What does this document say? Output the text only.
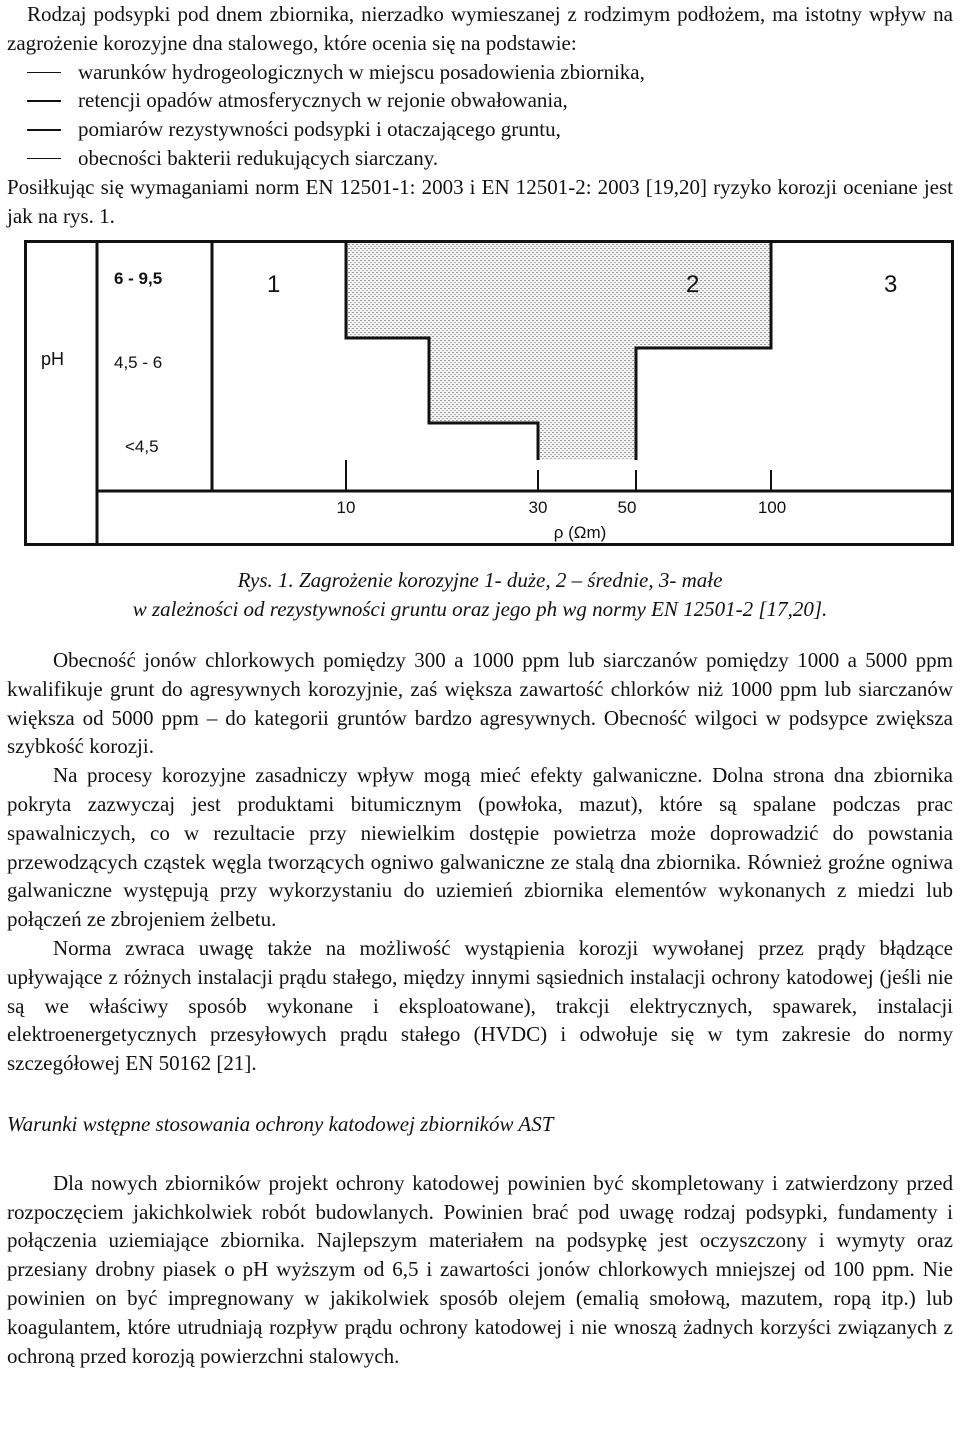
Rodzaj podsypki pod dnem zbiornika, nierzadko wymieszanej z rodzimym podłożem, ma istotny wpływ na zagrożenie korozyjne dna stalowego, które ocenia się na podstawie:

warunków hydrogeologicznych w miejscu posadowienia zbiornika,
retencji opadów atmosferycznych w rejonie obwałowania,
pomiarów rezystywności podsypki i otaczającego gruntu,
obecności bakterii redukujących siarczany.

Posiłkując się wymaganiami norm EN 12501-1: 2003 i EN 12501-2: 2003 [19,20] ryzyko korozji oceniane jest jak na rys. 1.

pH
6 - 9,5
4,5 - 6
<4,5
1	2	3
10	30	50	100
ρ (Ωm)
Rys. 1. Zagrożenie korozyjne 1- duże, 2 – średnie, 3- małe
w zależności od rezystywności gruntu oraz jego ph wg normy EN 12501-2 [17,20].

Obecność jonów chlorkowych pomiędzy 300 a 1000 ppm lub siarczanów pomiędzy 1000 a 5000 ppm kwalifikuje grunt do agresywnych korozyjnie, zaś większa zawartość chlorków niż 1000 ppm lub siarczanów większa od 5000 ppm – do kategorii gruntów bardzo agresywnych. Obecność wilgoci w podsypce zwiększa szybkość korozji.

Na procesy korozyjne zasadniczy wpływ mogą mieć efekty galwaniczne. Dolna strona dna zbiornika pokryta zazwyczaj jest produktami bitumicznym (powłoka, mazut), które są spalane podczas prac spawalniczych, co w rezultacie przy niewielkim dostępie powietrza może doprowadzić do powstania przewodzących cząstek węgla tworzących ogniwo galwaniczne ze stalą dna zbiornika. Również groźne ogniwa galwaniczne występują przy wykorzystaniu do uziemień zbiornika elementów wykonanych z miedzi lub połączeń ze zbrojeniem żelbetu.

Norma zwraca uwagę także na możliwość wystąpienia korozji wywołanej przez prądy błądzące upływające z różnych instalacji prądu stałego, między innymi sąsiednich instalacji ochrony katodowej (jeśli nie są we właściwy sposób wykonane i eksploatowane), trakcji elektrycznych, spawarek, instalacji elektroenergetycznych przesyłowych prądu stałego (HVDC) i odwołuje się w tym zakresie do normy szczegółowej EN 50162 [21].

Warunki wstępne stosowania ochrony katodowej zbiorników AST

Dla nowych zbiorników projekt ochrony katodowej powinien być skompletowany i zatwierdzony przed rozpoczęciem jakichkolwiek robót budowlanych. Powinien brać pod uwagę rodzaj podsypki, fundamenty i połączenia uziemiające zbiornika. Najlepszym materiałem na podsypkę jest oczyszczony i wymyty oraz przesiany drobny piasek o pH wyższym od 6,5 i zawartości jonów chlorkowych mniejszej od 100 ppm. Nie powinien on być impregnowany w jakikolwiek sposób olejem (emalią smołową, mazutem, ropą itp.) lub koagulantem, które utrudniają rozpływ prądu ochrony katodowej i nie wnoszą żadnych korzyści związanych z ochroną przed korozją powierzchni stalowych.
